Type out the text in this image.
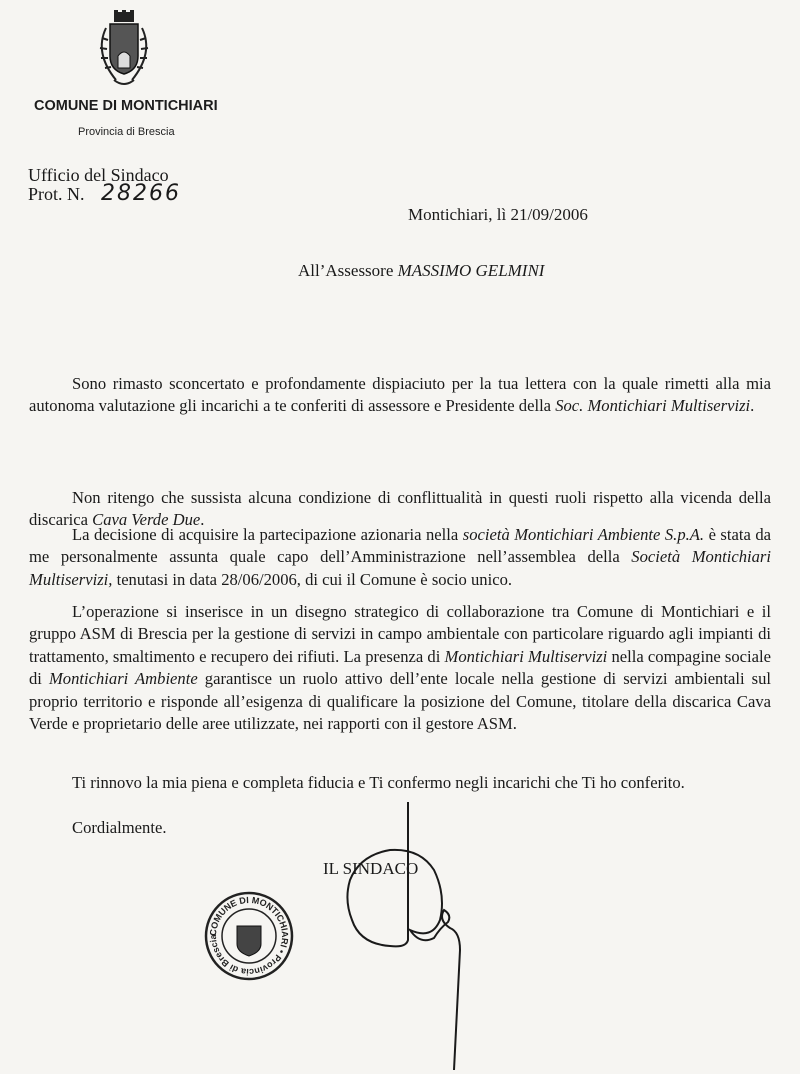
COMUNE DI MONTICHIARI
Provincia di Brescia
Ufficio del Sindaco
Prot. N. 28266
Montichiari, lì 21/09/2006
All’Assessore MASSIMO GELMINI

Sono rimasto sconcertato e profondamente dispiaciuto per la tua lettera con la quale rimetti alla mia autonoma valutazione gli incarichi a te conferiti di assessore e Presidente della Soc. Montichiari Multiservizi.

Non ritengo che sussista alcuna condizione di conflittualità in questi ruoli rispetto alla vicenda della discarica Cava Verde Due.

La decisione di acquisire la partecipazione azionaria nella società Montichiari Ambiente S.p.A. è stata da me personalmente assunta quale capo dell’Amministrazione nell’assemblea della Società Montichiari Multiservizi, tenutasi in data 28/06/2006, di cui il Comune è socio unico.

L’operazione si inserisce in un disegno strategico di collaborazione tra Comune di Montichiari e il gruppo ASM di Brescia per la gestione di servizi in campo ambientale con particolare riguardo agli impianti di trattamento, smaltimento e recupero dei rifiuti. La presenza di Montichiari Multiservizi nella compagine sociale di Montichiari Ambiente garantisce un ruolo attivo dell’ente locale nella gestione di servizi ambientali sul proprio territorio e risponde all’esigenza di qualificare la posizione del Comune, titolare della discarica Cava Verde e proprietario delle aree utilizzate, nei rapporti con il gestore ASM.

Ti rinnovo la mia piena e completa fiducia e Ti confermo negli incarichi che Ti ho conferito.

Cordialmente.

IL SINDACO
COMUNE DI MONTICHIARI • Provincia di Brescia
